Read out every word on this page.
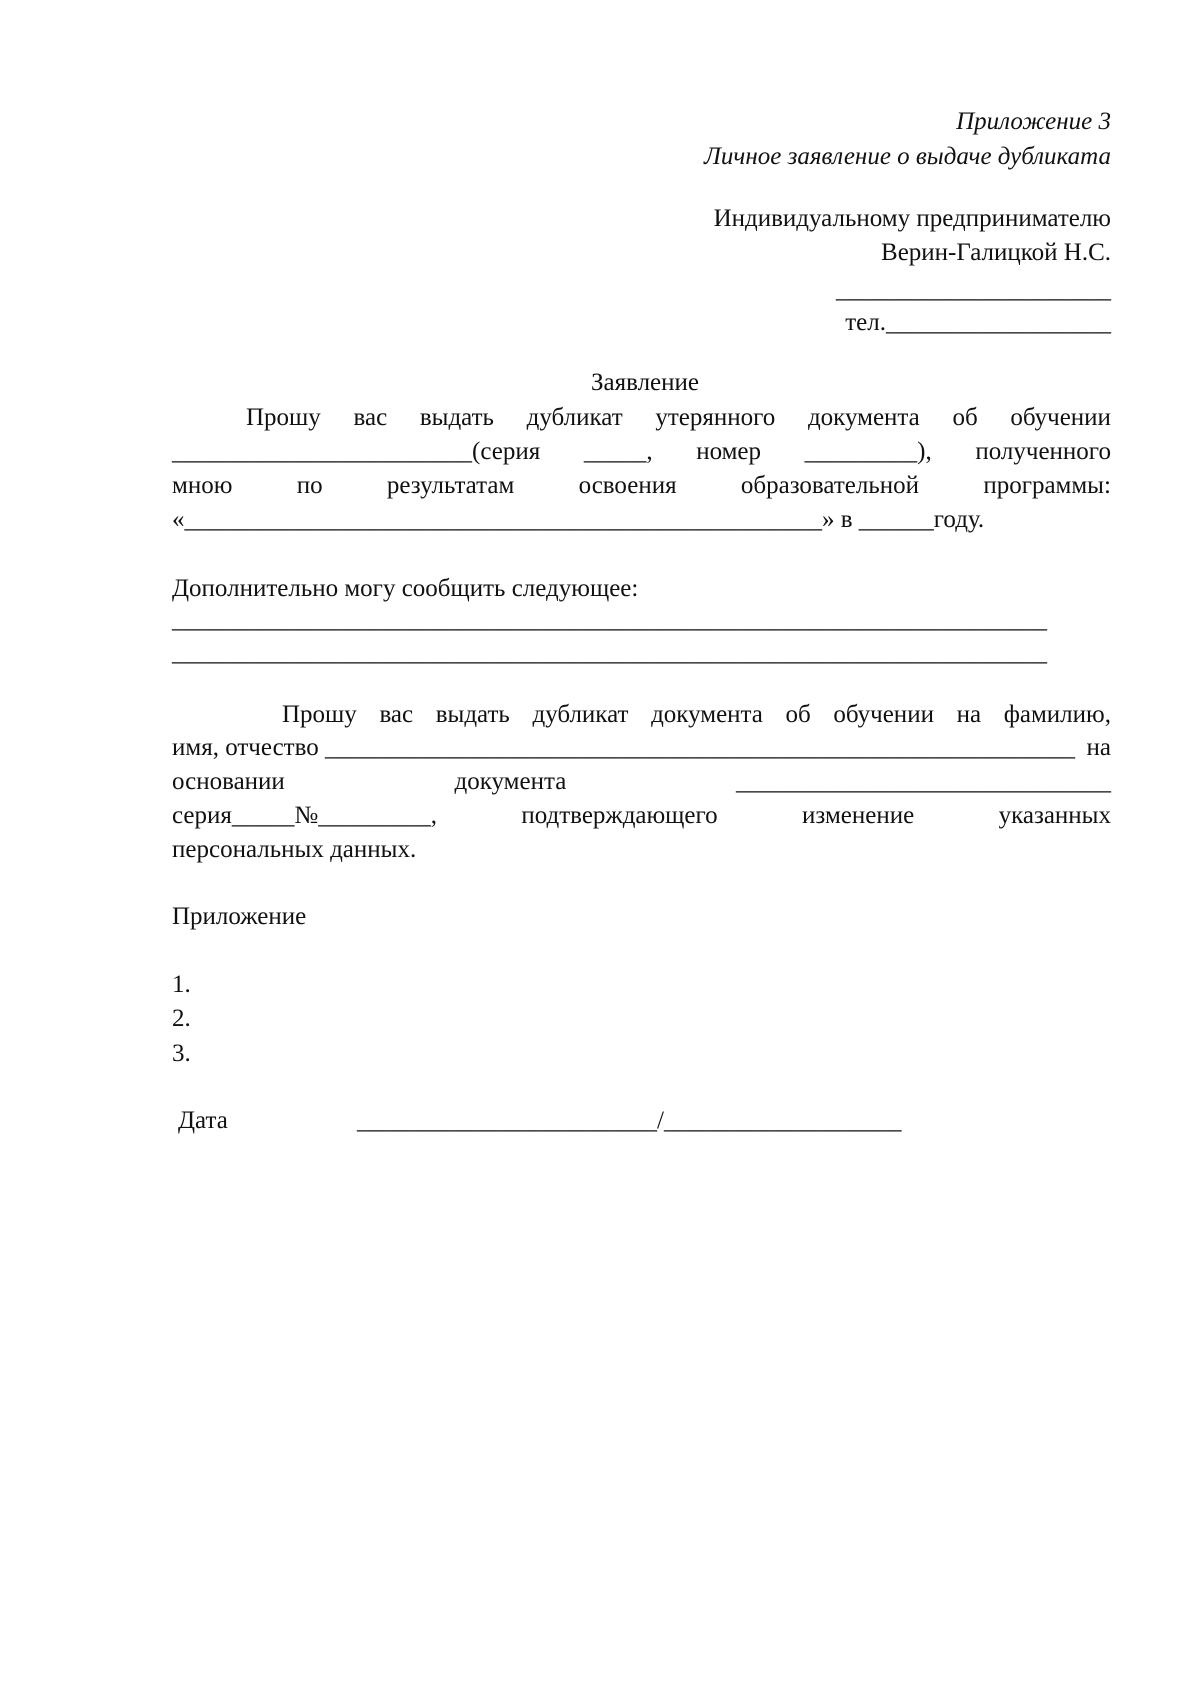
Приложение 3
Личное заявление о выдаче дубликата
Индивидуальному предпринимателю
Верин-Галицкой Н.С.
______________________
тел.__________________
Заявление
Прошу вас выдать дубликат утерянного документа об обучении
________________________(серия _____, номер _________), полученного
мною	по	результатам	освоения	образовательной	программы:
«___________________________________________________» в ______году.
Дополнительно могу сообщить следующее:
______________________________________________________________________
______________________________________________________________________
Прошу вас выдать дубликат документа об обучении на фамилию,
имя, отчество ____________________________________________________________ на
основании	документа	______________________________
серия_____№_________,	подтверждающего	изменение	указанных
персональных данных.
Приложение
1.
2.
3.
Дата	________________________/___________________
